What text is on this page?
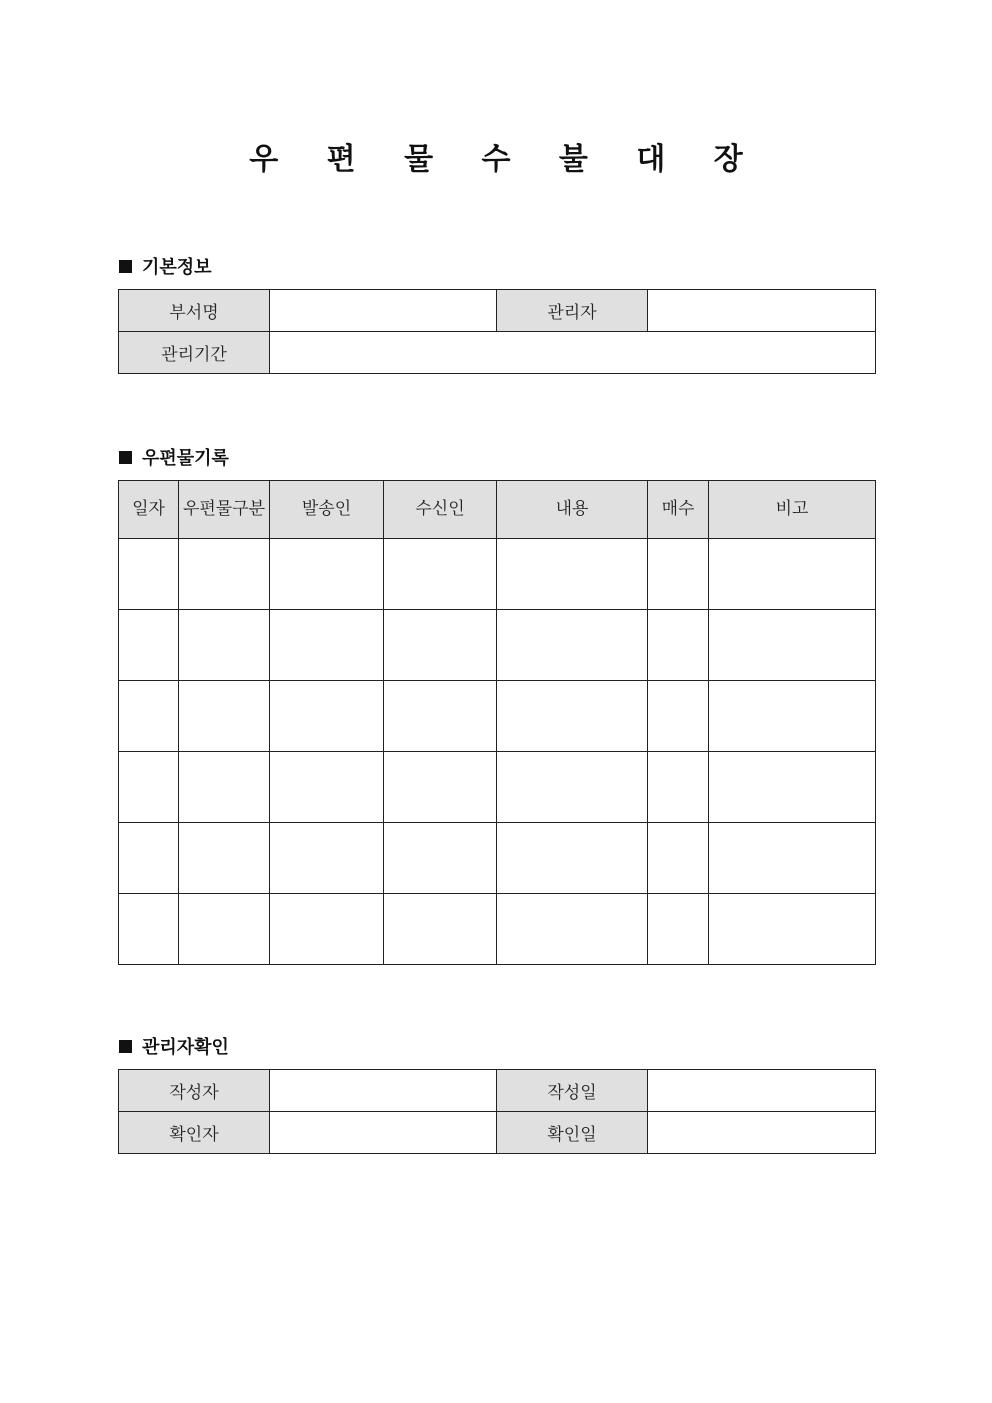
우 편 물 수 불 대 장
기본정보
부서명		관리자	
관리기간			
우편물기록
일자	우편물구분	발송인	수신인	내용	매수	비고

관리자확인
작성자		작성일	
확인자		확인일	
